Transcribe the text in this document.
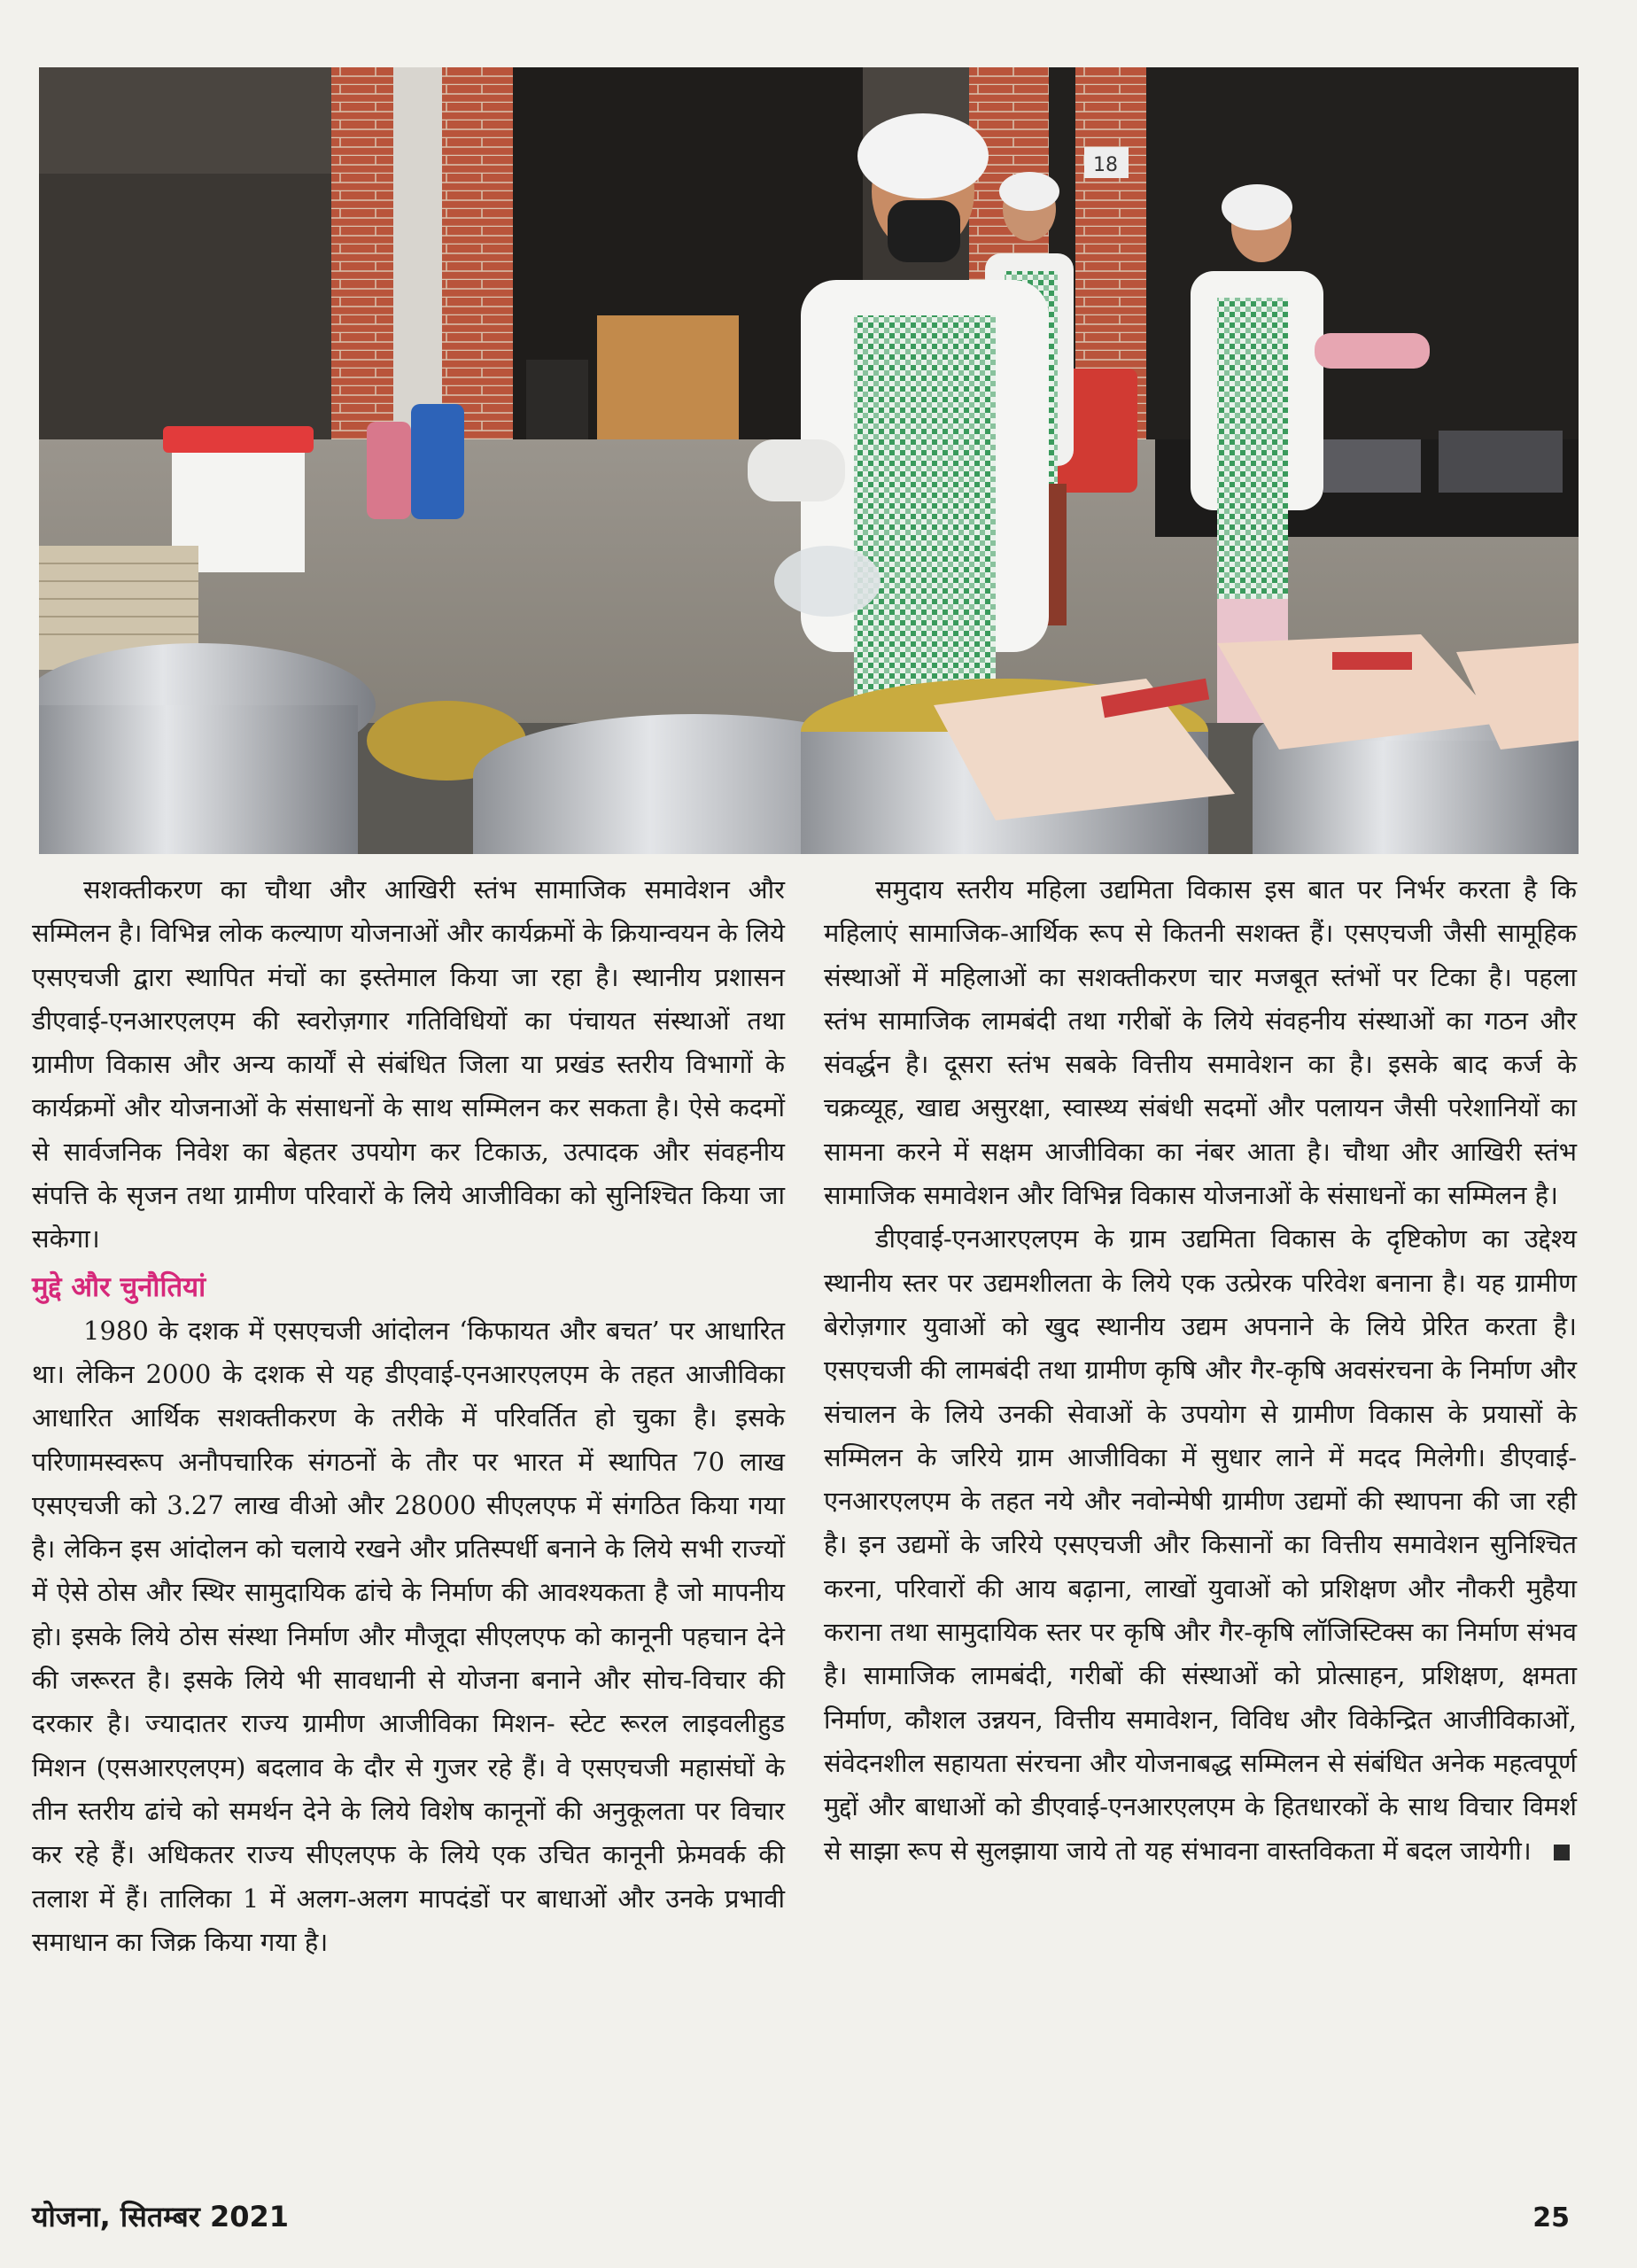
18

सशक्तीकरण का चौथा और आखिरी स्तंभ सामाजिक समावेशन और सम्मिलन है। विभिन्न लोक कल्याण योजनाओं और कार्यक्रमों के क्रियान्वयन के लिये एसएचजी द्वारा स्थापित मंचों का इस्तेमाल किया जा रहा है। स्थानीय प्रशासन डीएवाई-एनआरएलएम की स्वरोज़गार गतिविधियों का पंचायत संस्थाओं तथा ग्रामीण विकास और अन्य कार्यों से संबंधित जिला या प्रखंड स्तरीय विभागों के कार्यक्रमों और योजनाओं के संसाधनों के साथ सम्मिलन कर सकता है। ऐसे कदमों से सार्वजनिक निवेश का बेहतर उपयोग कर टिकाऊ, उत्पादक और संवहनीय संपत्ति के सृजन तथा ग्रामीण परिवारों के लिये आजीविका को सुनिश्चित किया जा सकेगा।

मुद्दे और चुनौतियां

1980 के दशक में एसएचजी आंदोलन ‘किफायत और बचत’ पर आधारित था। लेकिन 2000 के दशक से यह डीएवाई-एनआरएलएम के तहत आजीविका आधारित आर्थिक सशक्तीकरण के तरीके में परिवर्तित हो चुका है। इसके परिणामस्वरूप अनौपचारिक संगठनों के तौर पर भारत में स्थापित 70 लाख एसएचजी को 3.27 लाख वीओ और 28000 सीएलएफ में संगठित किया गया है। लेकिन इस आंदोलन को चलाये रखने और प्रतिस्पर्धी बनाने के लिये सभी राज्यों में ऐसे ठोस और स्थिर सामुदायिक ढांचे के निर्माण की आवश्यकता है जो मापनीय हो। इसके लिये ठोस संस्था निर्माण और मौजूदा सीएलएफ को कानूनी पहचान देने की जरूरत है। इसके लिये भी सावधानी से योजना बनाने और सोच-विचार की दरकार है। ज्यादातर राज्य ग्रामीण आजीविका मिशन- स्टेट रूरल लाइवलीहुड मिशन (एसआरएलएम) बदलाव के दौर से गुजर रहे हैं। वे एसएचजी महासंघों के तीन स्तरीय ढांचे को समर्थन देने के लिये विशेष कानूनों की अनुकूलता पर विचार कर रहे हैं। अधिकतर राज्य सीएलएफ के लिये एक उचित कानूनी फ्रेमवर्क की तलाश में हैं। तालिका 1 में अलग-अलग मापदंडों पर बाधाओं और उनके प्रभावी समाधान का जिक्र किया गया है।

समुदाय स्तरीय महिला उद्यमिता विकास इस बात पर निर्भर करता है कि महिलाएं सामाजिक-आर्थिक रूप से कितनी सशक्त हैं। एसएचजी जैसी सामूहिक संस्थाओं में महिलाओं का सशक्तीकरण चार मजबूत स्तंभों पर टिका है। पहला स्तंभ सामाजिक लामबंदी तथा गरीबों के लिये संवहनीय संस्थाओं का गठन और संवर्द्धन है। दूसरा स्तंभ सबके वित्तीय समावेशन का है। इसके बाद कर्ज के चक्रव्यूह, खाद्य असुरक्षा, स्वास्थ्य संबंधी सदमों और पलायन जैसी परेशानियों का सामना करने में सक्षम आजीविका का नंबर आता है। चौथा और आखिरी स्तंभ सामाजिक समावेशन और विभिन्न विकास योजनाओं के संसाधनों का सम्मिलन है।

डीएवाई-एनआरएलएम के ग्राम उद्यमिता विकास के दृष्टिकोण का उद्देश्य स्थानीय स्तर पर उद्यमशीलता के लिये एक उत्प्रेरक परिवेश बनाना है। यह ग्रामीण बेरोज़गार युवाओं को खुद स्थानीय उद्यम अपनाने के लिये प्रेरित करता है। एसएचजी की लामबंदी तथा ग्रामीण कृषि और गैर-कृषि अवसंरचना के निर्माण और संचालन के लिये उनकी सेवाओं के उपयोग से ग्रामीण विकास के प्रयासों के सम्मिलन के जरिये ग्राम आजीविका में सुधार लाने में मदद मिलेगी। डीएवाई-एनआरएलएम के तहत नये और नवोन्मेषी ग्रामीण उद्यमों की स्थापना की जा रही है। इन उद्यमों के जरिये एसएचजी और किसानों का वित्तीय समावेशन सुनिश्चित करना, परिवारों की आय बढ़ाना, लाखों युवाओं को प्रशिक्षण और नौकरी मुहैया कराना तथा सामुदायिक स्तर पर कृषि और गैर-कृषि लॉजिस्टिक्स का निर्माण संभव है। सामाजिक लामबंदी, गरीबों की संस्थाओं को प्रोत्साहन, प्रशिक्षण, क्षमता निर्माण, कौशल उन्नयन, वित्तीय समावेशन, विविध और विकेन्द्रित आजीविकाओं, संवेदनशील सहायता संरचना और योजनाबद्ध सम्मिलन से संबंधित अनेक महत्वपूर्ण मुद्दों और बाधाओं को डीएवाई-एनआरएलएम के हितधारकों के साथ विचार विमर्श से साझा रूप से सुलझाया जाये तो यह संभावना वास्तविकता में बदल जायेगी।

योजना, सितम्बर 2021	25
